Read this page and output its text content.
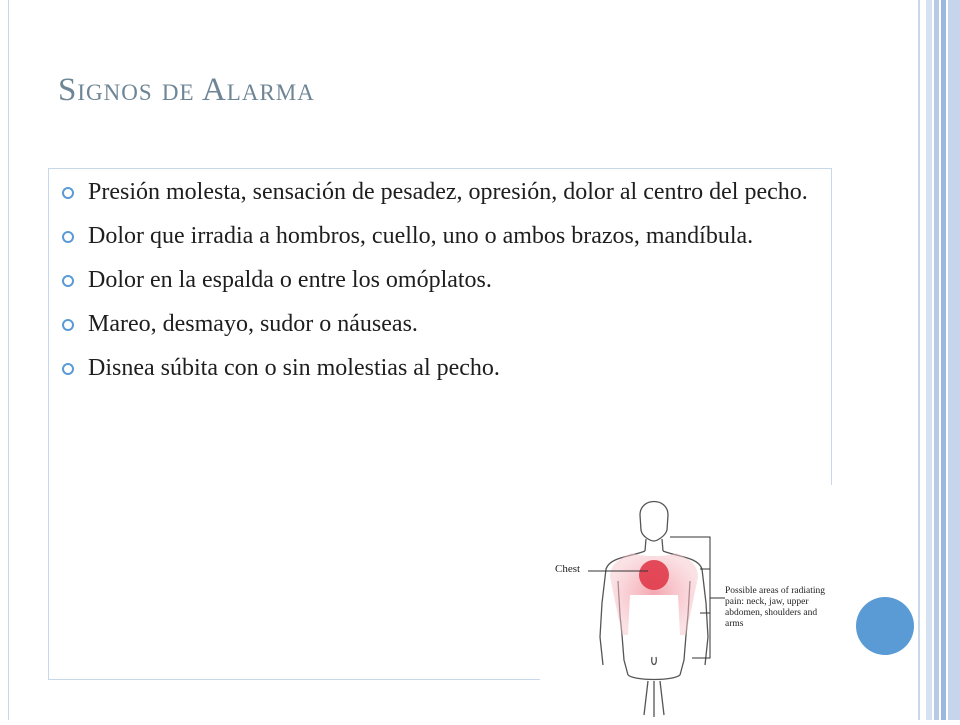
Signos de Alarma
Presión molesta, sensación de pesadez, opresión, dolor al centro del pecho.
Dolor que irradia a hombros, cuello, uno o ambos brazos, mandíbula.
Dolor en la espalda o entre los omóplatos.
Mareo, desmayo, sudor o náuseas.
Disnea súbita con o sin molestias al pecho.
Chest
Possible areas of radiating pain: neck, jaw, upper abdomen, shoulders and arms
